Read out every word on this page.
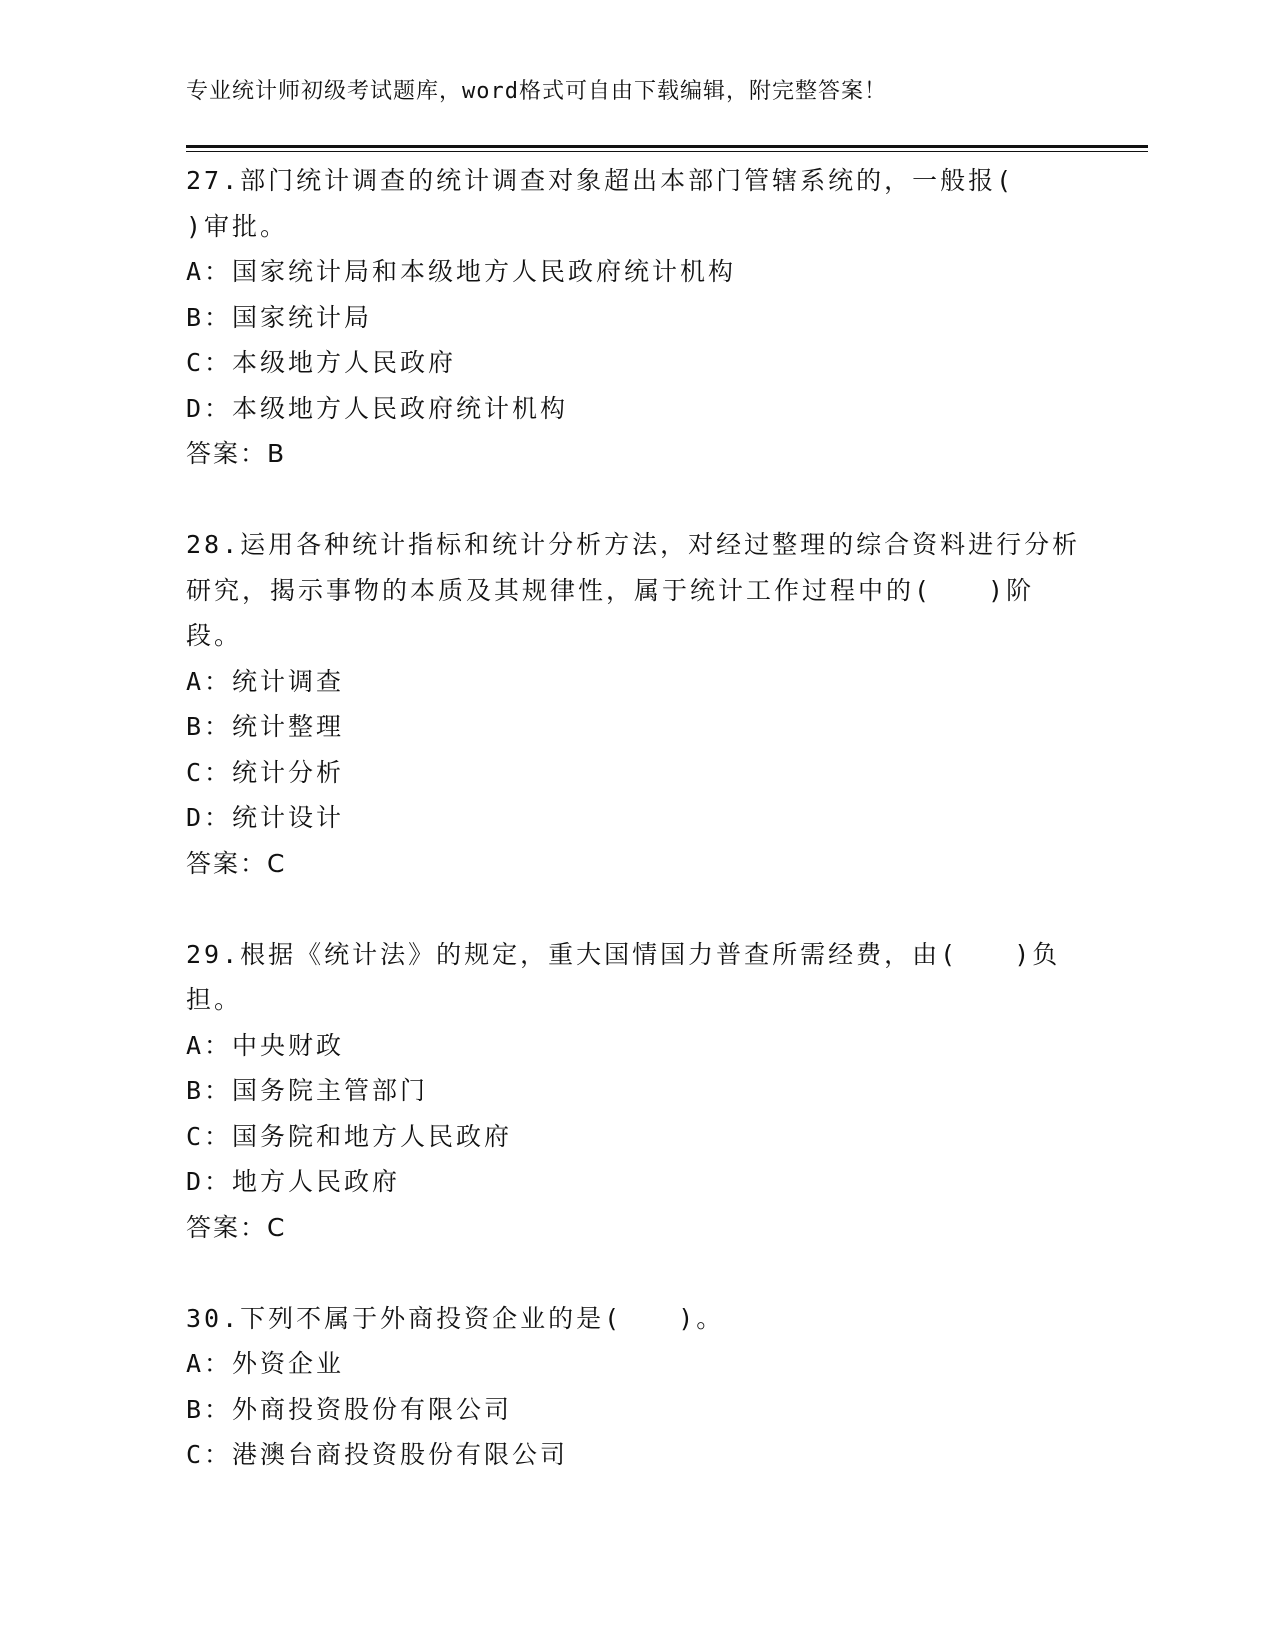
专业统计师初级考试题库，word格式可自由下载编辑，附完整答案！
27.部门统计调查的统计调查对象超出本部门管辖系统的，一般报(　　)审批。
A：国家统计局和本级地方人民政府统计机构
B：国家统计局
C：本级地方人民政府
D：本级地方人民政府统计机构
答案：B
28.运用各种统计指标和统计分析方法，对经过整理的综合资料进行分析研究，揭示事物的本质及其规律性，属于统计工作过程中的(　　)阶段。
A：统计调查
B：统计整理
C：统计分析
D：统计设计
答案：C
29.根据《统计法》的规定，重大国情国力普查所需经费，由(　　)负担。
A：中央财政
B：国务院主管部门
C：国务院和地方人民政府
D：地方人民政府
答案：C
30.下列不属于外商投资企业的是(　　)。
A：外资企业
B：外商投资股份有限公司
C：港澳台商投资股份有限公司
